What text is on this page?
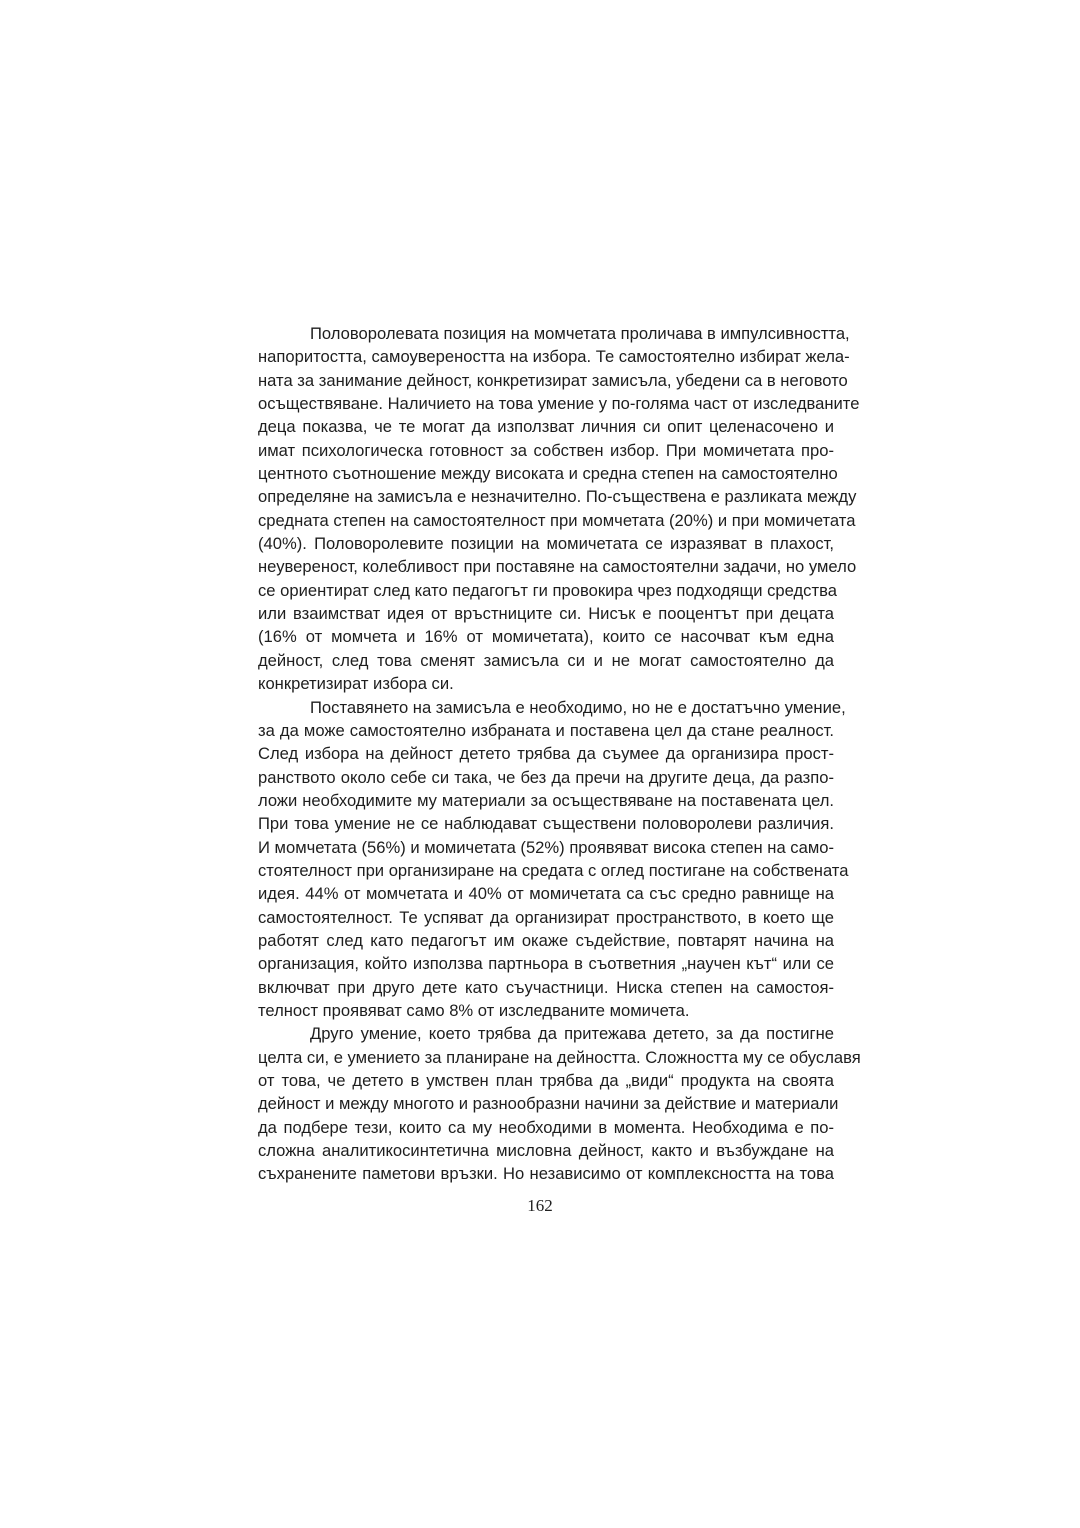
Половоролевата позиция на момчетата проличава в импулсивността,
напоритостта, самоувереността на избора. Те самостоятелно избират жела-
ната за занимание дейност, конкретизират замисъла, убедени са в неговото
осъществяване. Наличието на това умение у по-голяма част от изследваните
деца показва, че те могат да използват личния си опит целенасочено и
имат психологическа готовност за собствен избор. При момичетата про-
центното съотношение между високата и средна степен на самостоятелно
определяне на замисъла е незначително. По-съществена е разликата между
средната степен на самостоятелност при момчетата (20%) и при момичетата
(40%). Половоролевите позиции на момичетата се изразяват в плахост,
неувереност, колебливост при поставяне на самостоятелни задачи, но умело
се ориентират след като педагогът ги провокира чрез подходящи средства
или взаимстват идея от връстниците си. Нисък е пооцентът при децата
(16% от момчета и 16% от момичетата), които се насочват към една
дейност, след това сменят замисъла си и не могат самостоятелно да
конкретизират избора си.

Поставянето на замисъла е необходимо, но не е достатъчно умение,
за да може самостоятелно избраната и поставена цел да стане реалност.
След избора на дейност детето трябва да съумее да организира прост-
ранството около себе си така, че без да пречи на другите деца, да разпо-
ложи необходимите му материали за осъществяване на поставената цел.
При това умение не се наблюдават съществени половоролеви различия.
И момчетата (56%) и момичетата (52%) проявяват висока степен на само-
стоятелност при организиране на средата с оглед постигане на собствената
идея. 44% от момчетата и 40% от момичетата са със средно равнище на
самостоятелност. Те успяват да организират пространството, в което ще
работят след като педагогът им окаже съдействие, повтарят начина на
организация, който използва партньора в съответния „научен кът“ или се
включват при друго дете като съучастници. Ниска степен на самостоя-
телност проявяват само 8% от изследваните момичета.

Друго умение, което трябва да притежава детето, за да постигне
целта си, е умението за планиране на дейността. Сложността му се обуславя
от това, че детето в умствен план трябва да „види“ продукта на своята
дейност и между многото и разнообразни начини за действие и материали
да подбере тези, които са му необходими в момента. Необходима е по-
сложна аналитикосинтетична мисловна дейност, както и възбуждане на
съхранените паметови връзки. Но независимо от комплексността на това

162
